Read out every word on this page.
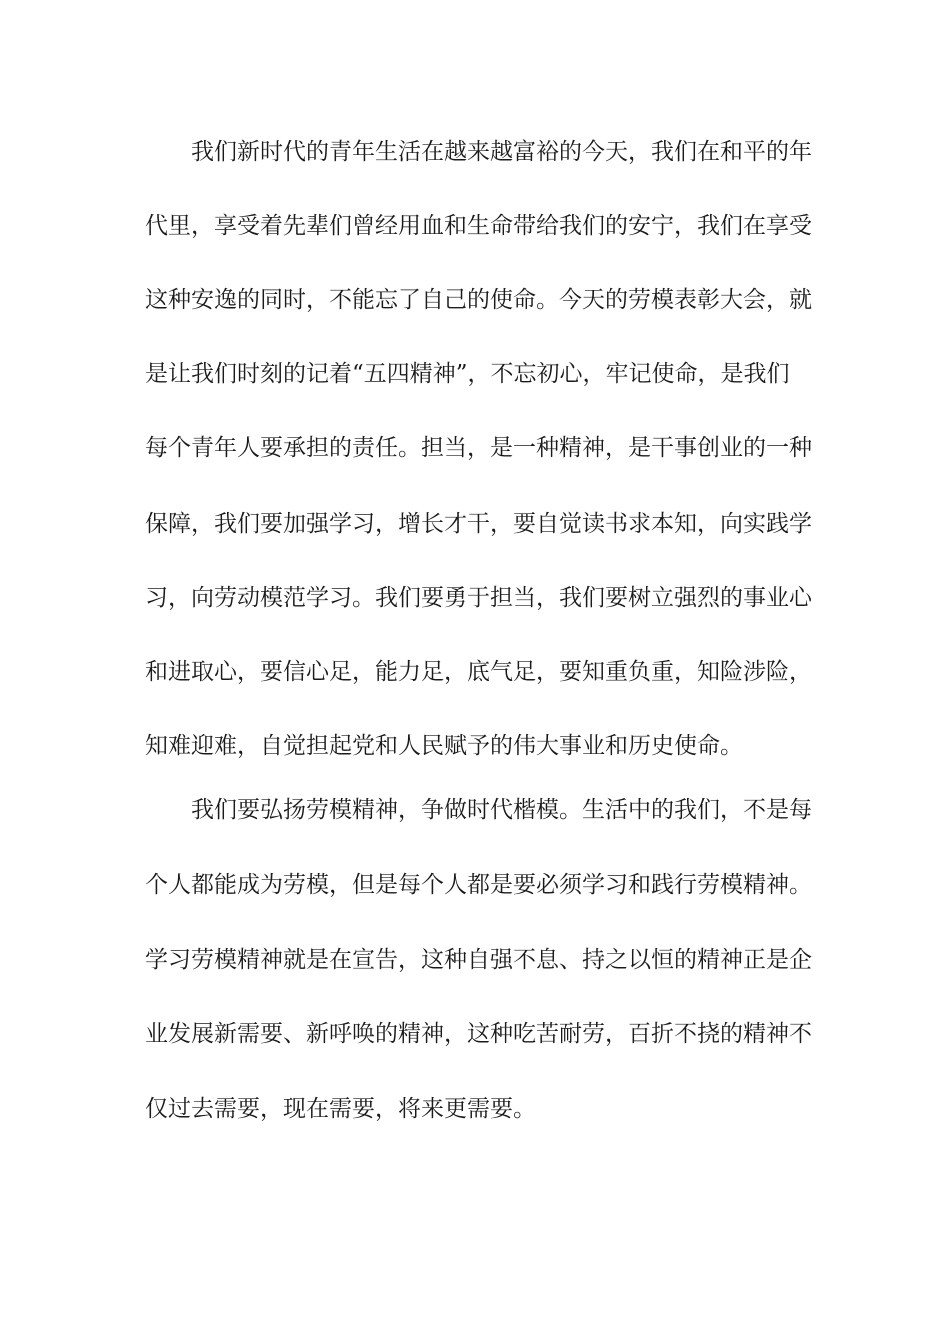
我们新时代的青年生活在越来越富裕的今天，我们在和平的年
代里，享受着先辈们曾经用血和生命带给我们的安宁，我们在享受
这种安逸的同时，不能忘了自己的使命。今天的劳模表彰大会，就
是让我们时刻的记着“五四精神”，不忘初心，牢记使命，是我们
每个青年人要承担的责任。担当，是一种精神，是干事创业的一种
保障，我们要加强学习，增长才干，要自觉读书求本知，向实践学
习，向劳动模范学习。我们要勇于担当，我们要树立强烈的事业心
和进取心，要信心足，能力足，底气足，要知重负重，知险涉险，
知难迎难，自觉担起党和人民赋予的伟大事业和历史使命。
我们要弘扬劳模精神，争做时代楷模。生活中的我们，不是每
个人都能成为劳模，但是每个人都是要必须学习和践行劳模精神。
学习劳模精神就是在宣告，这种自强不息、持之以恒的精神正是企
业发展新需要、新呼唤的精神，这种吃苦耐劳，百折不挠的精神不
仅过去需要，现在需要，将来更需要。
